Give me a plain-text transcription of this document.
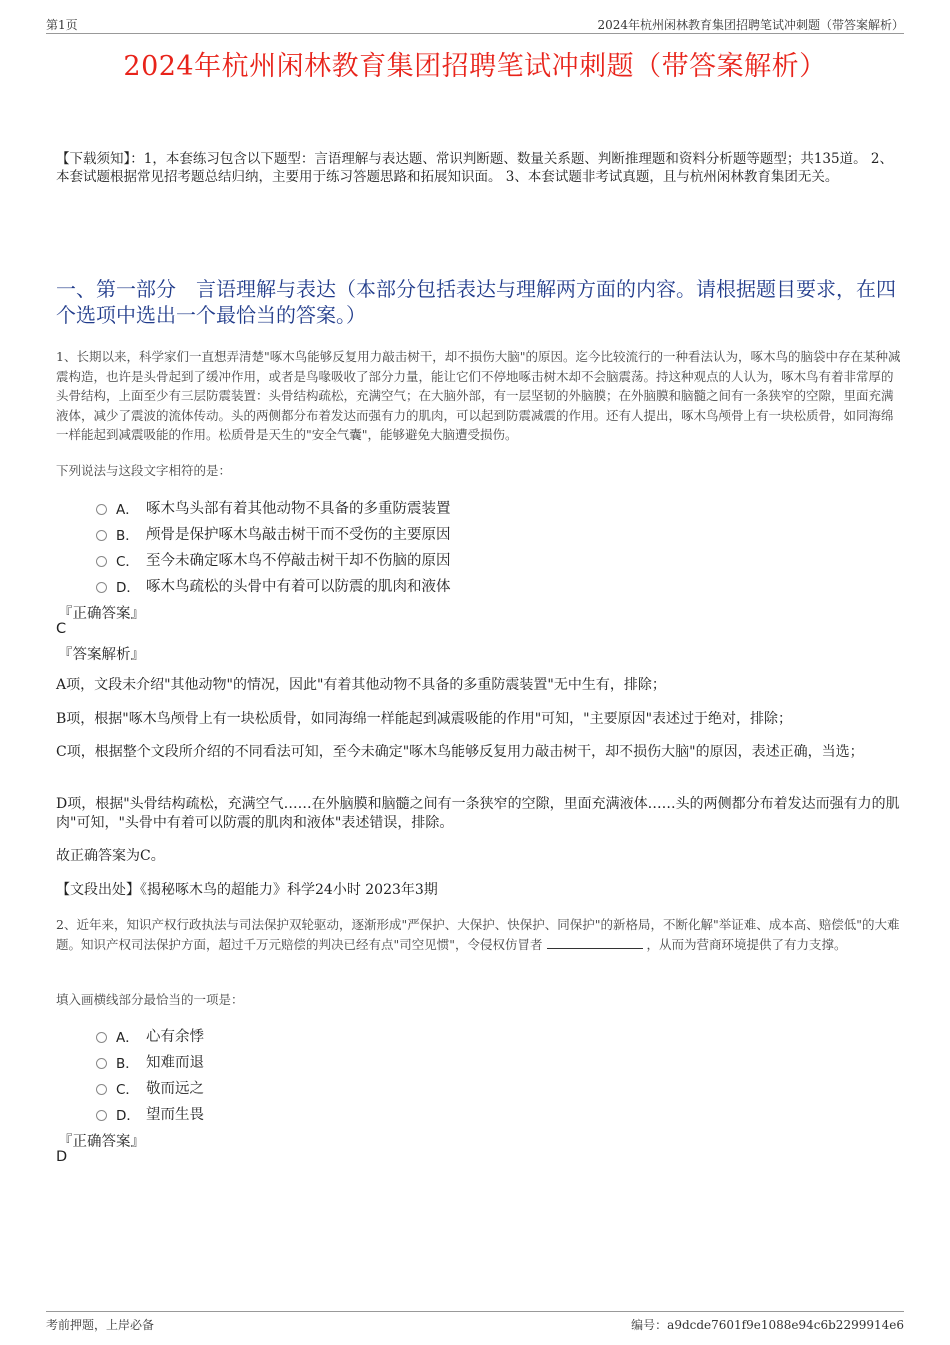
第1页	2024年杭州闲林教育集团招聘笔试冲刺题（带答案解析）
2024年杭州闲林教育集团招聘笔试冲刺题（带答案解析）
【下载须知】：1，本套练习包含以下题型：言语理解与表达题、常识判断题、数量关系题、判断推理题和资料分析题等题型；共135道。 2、本套试题根据常见招考题总结归纳，主要用于练习答题思路和拓展知识面。 3、本套试题非考试真题，且与杭州闲林教育集团无关。
一、第一部分　言语理解与表达（本部分包括表达与理解两方面的内容。请根据题目要求，在四个选项中选出一个最恰当的答案。）
1、长期以来，科学家们一直想弄清楚"啄木鸟能够反复用力敲击树干，却不损伤大脑"的原因。迄今比较流行的一种看法认为，啄木鸟的脑袋中存在某种减震构造，也许是头骨起到了缓冲作用，或者是鸟喙吸收了部分力量，能让它们不停地啄击树木却不会脑震荡。持这种观点的人认为，啄木鸟有着非常厚的头骨结构，上面至少有三层防震装置：头骨结构疏松，充满空气；在大脑外部，有一层坚韧的外脑膜；在外脑膜和脑髓之间有一条狭窄的空隙，里面充满液体，减少了震波的流体传动。头的两侧都分布着发达而强有力的肌肉，可以起到防震减震的作用。还有人提出，啄木鸟颅骨上有一块松质骨，如同海绵一样能起到减震吸能的作用。松质骨是天生的"安全气囊"，能够避免大脑遭受损伤。
下列说法与这段文字相符的是：
A． 啄木鸟头部有着其他动物不具备的多重防震装置
B． 颅骨是保护啄木鸟敲击树干而不受伤的主要原因
C． 至今未确定啄木鸟不停敲击树干却不伤脑的原因
D． 啄木鸟疏松的头骨中有着可以防震的肌肉和液体
『正确答案』
C
『答案解析』
A项，文段未介绍"其他动物"的情况，因此"有着其他动物不具备的多重防震装置"无中生有，排除；
B项，根据"啄木鸟颅骨上有一块松质骨，如同海绵一样能起到减震吸能的作用"可知，"主要原因"表述过于绝对，排除；
C项，根据整个文段所介绍的不同看法可知，至今未确定"啄木鸟能够反复用力敲击树干，却不损伤大脑"的原因，表述正确，当选；
D项，根据"头骨结构疏松，充满空气……在外脑膜和脑髓之间有一条狭窄的空隙，里面充满液体……头的两侧都分布着发达而强有力的肌肉"可知，"头骨中有着可以防震的肌肉和液体"表述错误，排除。
故正确答案为C。
【文段出处】《揭秘啄木鸟的超能力》科学24小时 2023年3期
2、近年来，知识产权行政执法与司法保护双轮驱动，逐渐形成"严保护、大保护、快保护、同保护"的新格局，不断化解"举证难、成本高、赔偿低"的大难题。知识产权司法保护方面，超过千万元赔偿的判决已经有点"司空见惯"，令侵权仿冒者	，从而为营商环境提供了有力支撑。
填入画横线部分最恰当的一项是：
A． 心有余悸
B． 知难而退
C． 敬而远之
D． 望而生畏
『正确答案』
D
考前押题，上岸必备	编号：a9dcde7601f9e1088e94c6b2299914e6
